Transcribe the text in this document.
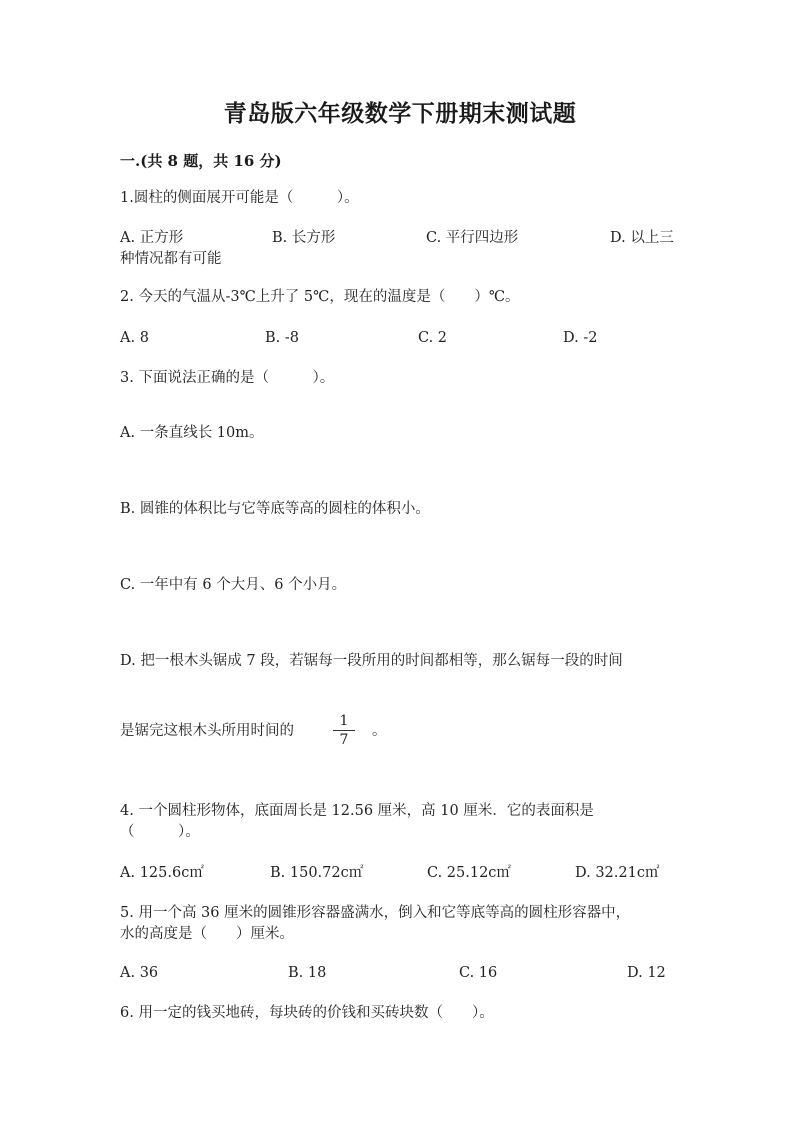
青岛版六年级数学下册期末测试题
一.(共 8 题，共 16 分)
1.圆柱的侧面展开可能是（　　　）。
A. 正方形	B. 长方形	C. 平行四边形	D. 以上三
种情况都有可能
2. 今天的气温从-3℃上升了 5℃，现在的温度是（　　）℃。
A. 8	B. -8	C. 2	D. -2
3. 下面说法正确的是（　　　）。
A. 一条直线长 10m。
B. 圆锥的体积比与它等底等高的圆柱的体积小。
C. 一年中有 6 个大月、6 个小月。
D. 把一根木头锯成 7 段，若锯每一段所用的时间都相等，那么锯每一段的时间
是锯完这根木头所用时间的	$\frac{1}{7}$ 。
4. 一个圆柱形物体，底面周长是 12.56 厘米，高 10 厘米．它的表面积是
（　　　）。
A. 125.6c㎡	B. 150.72c㎡	C. 25.12c㎡	D. 32.21c㎡
5. 用一个高 36 厘米的圆锥形容器盛满水，倒入和它等底等高的圆柱形容器中，
水的高度是（　　）厘米。
A. 36	B. 18	C. 16	D. 12
6. 用一定的钱买地砖，每块砖的价钱和买砖块数（　　）。
